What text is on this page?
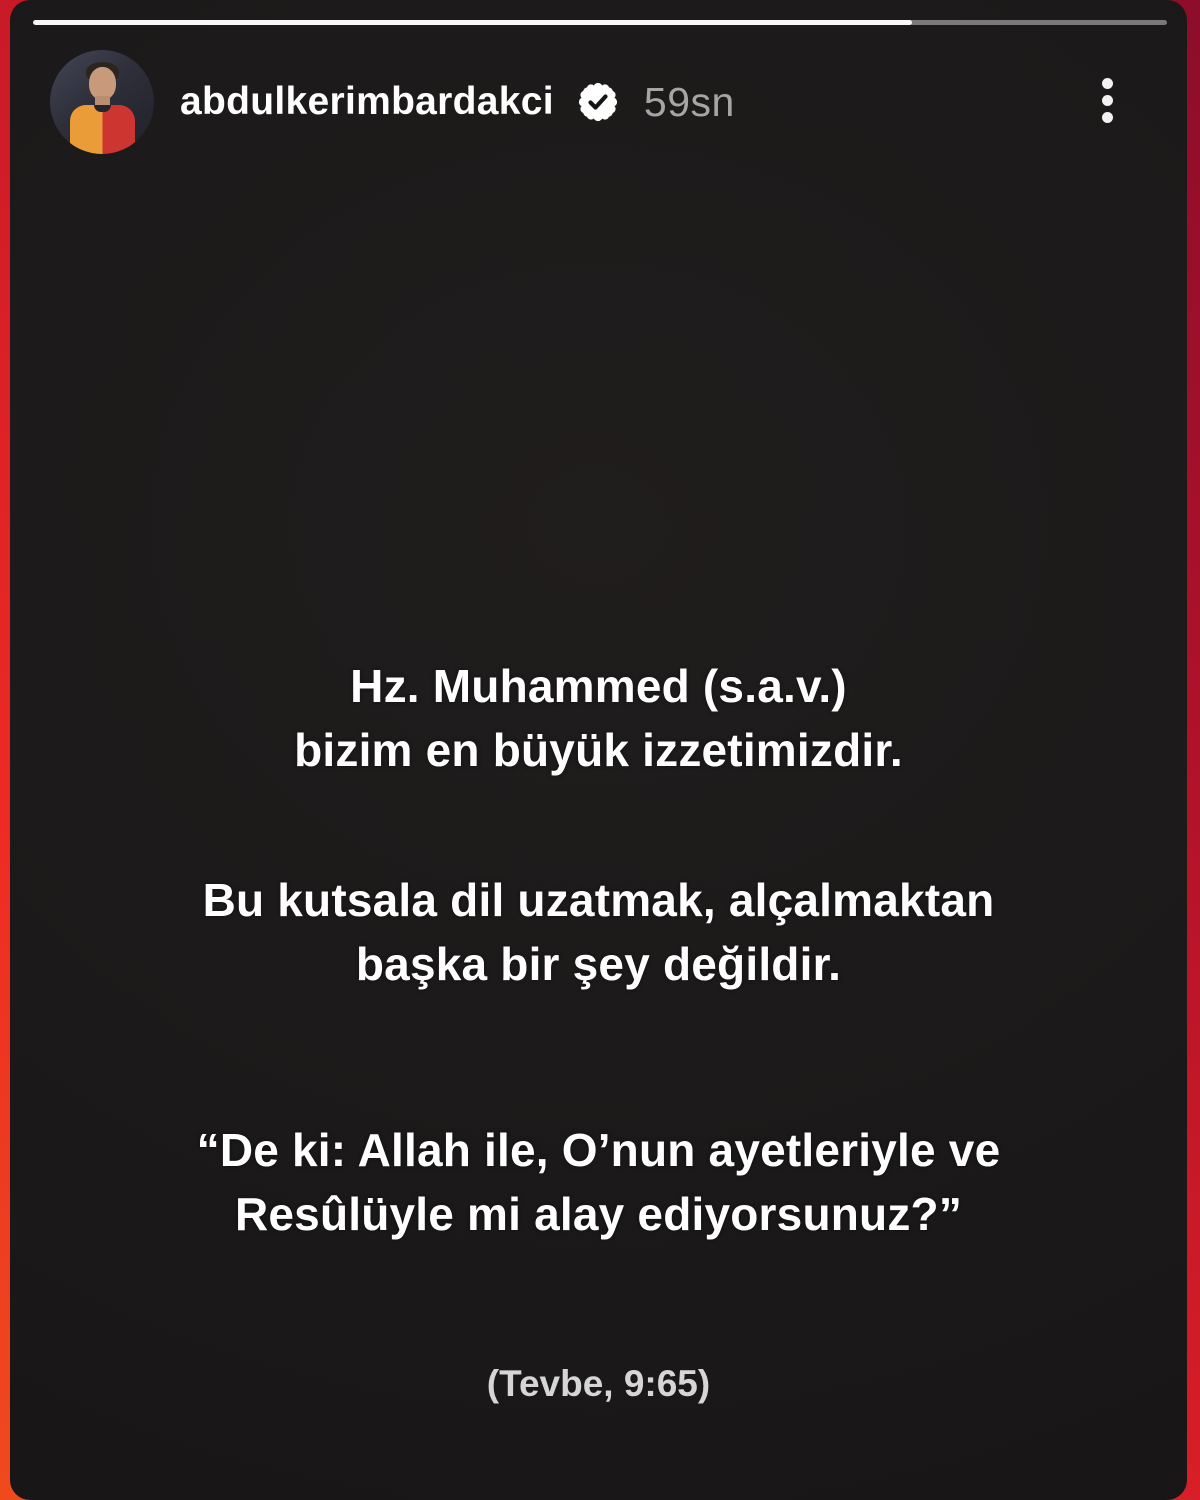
abdulkerimbardakci 59sn
Hz. Muhammed (s.a.v.)
bizim en büyük izzetimizdir.
Bu kutsala dil uzatmak, alçalmaktan
başka bir şey değildir.
“De ki: Allah ile, O’nun ayetleriyle ve
Resûlüyle mi alay ediyorsunuz?”
(Tevbe, 9:65)
